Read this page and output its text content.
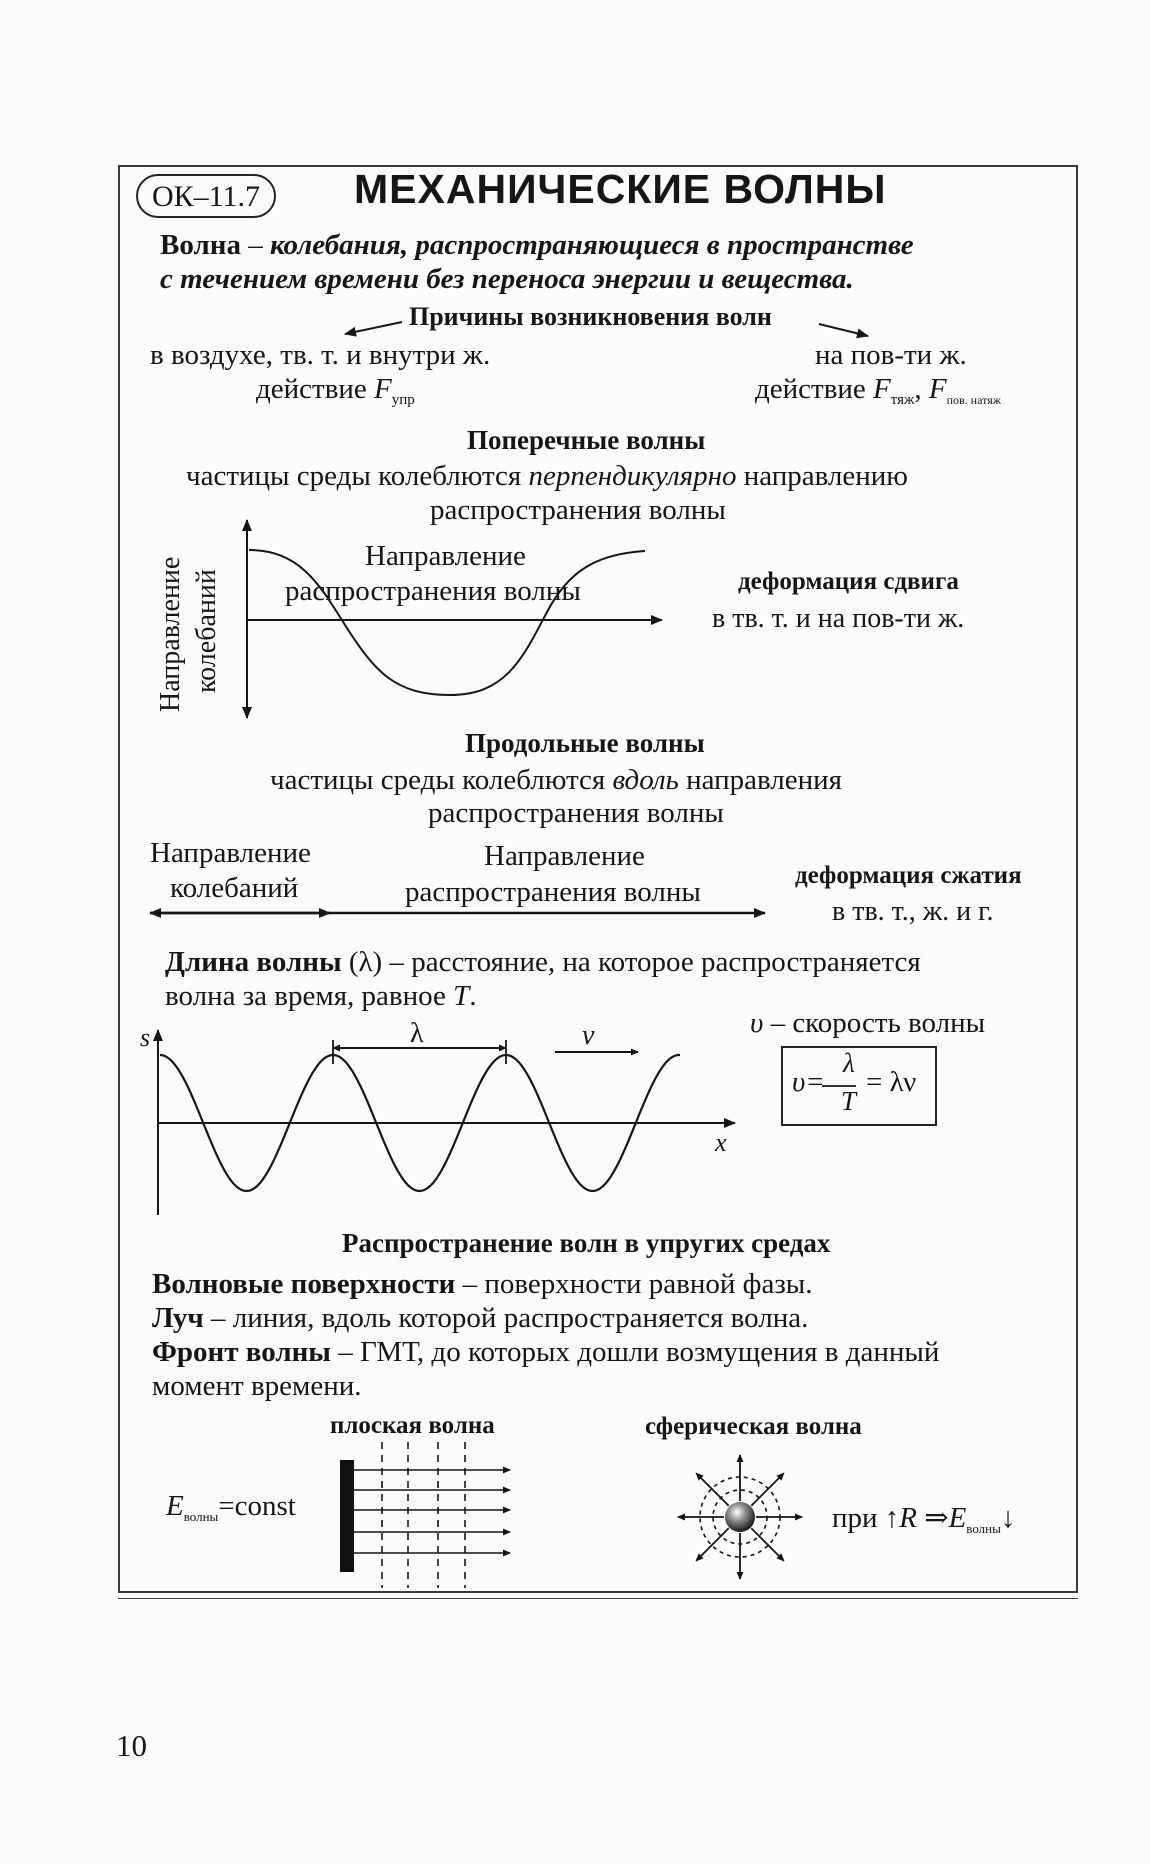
ОК–11.7	МЕХАНИЧЕСКИЕ ВОЛНЫ
Волна – колебания, распространяющиеся в пространстве
с течением времени без переноса энергии и вещества.
Причины возникновения волн
в воздухе, тв. т. и внутри ж.
действие $F_{упр}$
на пов-ти ж.
действие $F_{тяж}$, $F_{пов. натяж}$
Поперечные волны
частицы среды колеблются перпендикулярно направлению
распространения волны
Направление колебаний
Направление
распространения волны	деформация сдвига
в тв. т. и на пов-ти ж.
Продольные волны
частицы среды колеблются вдоль направления
распространения волны
Направление
колебаний
Направление
распространения волны
деформация сжатия
в тв. т., ж. и г.
Длина волны (λ) – расстояние, на которое распространяется
волна за время, равное T.
s
x
λ	v⃗	υ – скорость волны
υ=
λ
T
= λν
Распространение волн в упругих средах
Волновые поверхности – поверхности равной фазы.
Луч – линия, вдоль которой распространяется волна.
Фронт волны – ГМТ, до которых дошли возмущения в данный
момент времени.
плоская волна	сферическая волна
$E_{волны}=const$	при ↑R $\Rightarrow E_{волны}↓$
10
